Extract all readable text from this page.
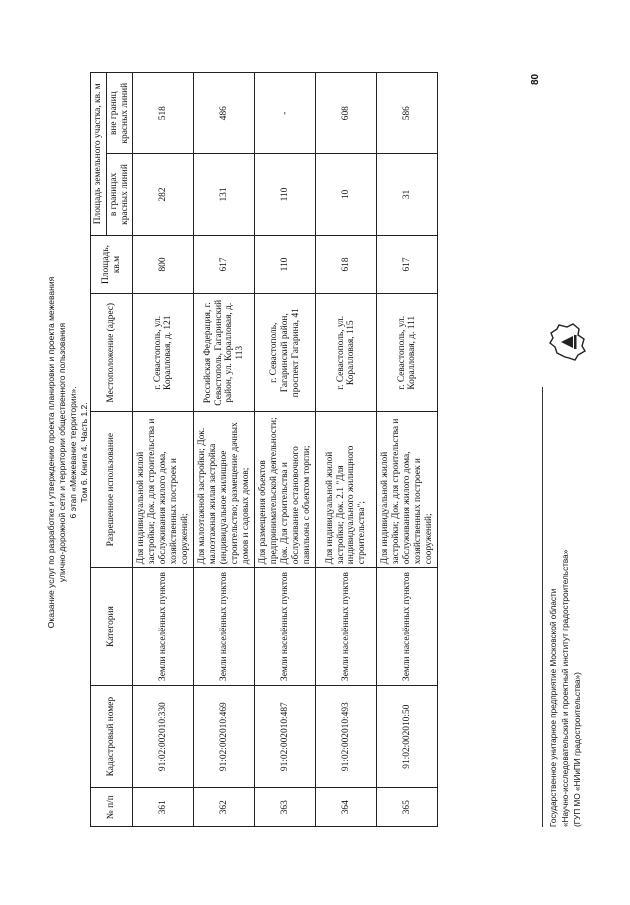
Оказание услуг по разработке и утверждению проекта планировки и проекта межевания улично-дорожной сети и территории общественного пользования 6 этап «Межевание территории». Том 6. Книга 4. Часть 1.2.
№ п/п	Кадастровый номер	Категория	Разрешенное использование	Местоположение (адрес)	Площадь, кв.м	Площадь земельного участка, кв. м	
						в границах красных линий	вне границ красных линий
361	91:02:002010:330	Земли населённых пунктов	Для индивидуальной жилой застройки; Док. для строительства и обслуживания жилого дома, хозяйственных построек и сооружений;	г. Севастополь, ул. Коралловая, д. 121	800	282	518
362	91:02:002010:469	Земли населённых пунктов	Для малоэтажной застройки; Док. малоэтажная жилая застройка (индивидуальное жилищное строительство; размещение дачных домов и садовых домов;	Российская Федерация, г. Севастополь, Гагаринский район, ул. Коралловая, д. 113	617	131	486
363	91:02:002010:487	Земли населённых пунктов	Для размещения объектов предпринимательской деятельности; Док. Для строительства и обслуживание остановочного павильона с объектом торгли;	г. Севастополь, Гагаринский район, проспект Гагарина, 41	110	110	-
364	91:02:002010:493	Земли населённых пунктов	Для индивидуальной жилой застройки; Док. 2.1 "Для индивидуального жилищного строительства";	г. Севастополь, ул. Коралловая, 115	618	10	608
365	91:02:002010:50	Земли населённых пунктов	Для индивидуальной жилой застройки; Док. для строительства и обслуживания жилого дома, хозяйственных построек и сооружений;	г. Севастополь, ул. Коралловая, д. 111	617	31	586
Государственное унитарное предприятие Московской области «Научно-исследовательский и проектный институт градостроительства» (ГУП МО «НИиПИ градостроительства»)
80
